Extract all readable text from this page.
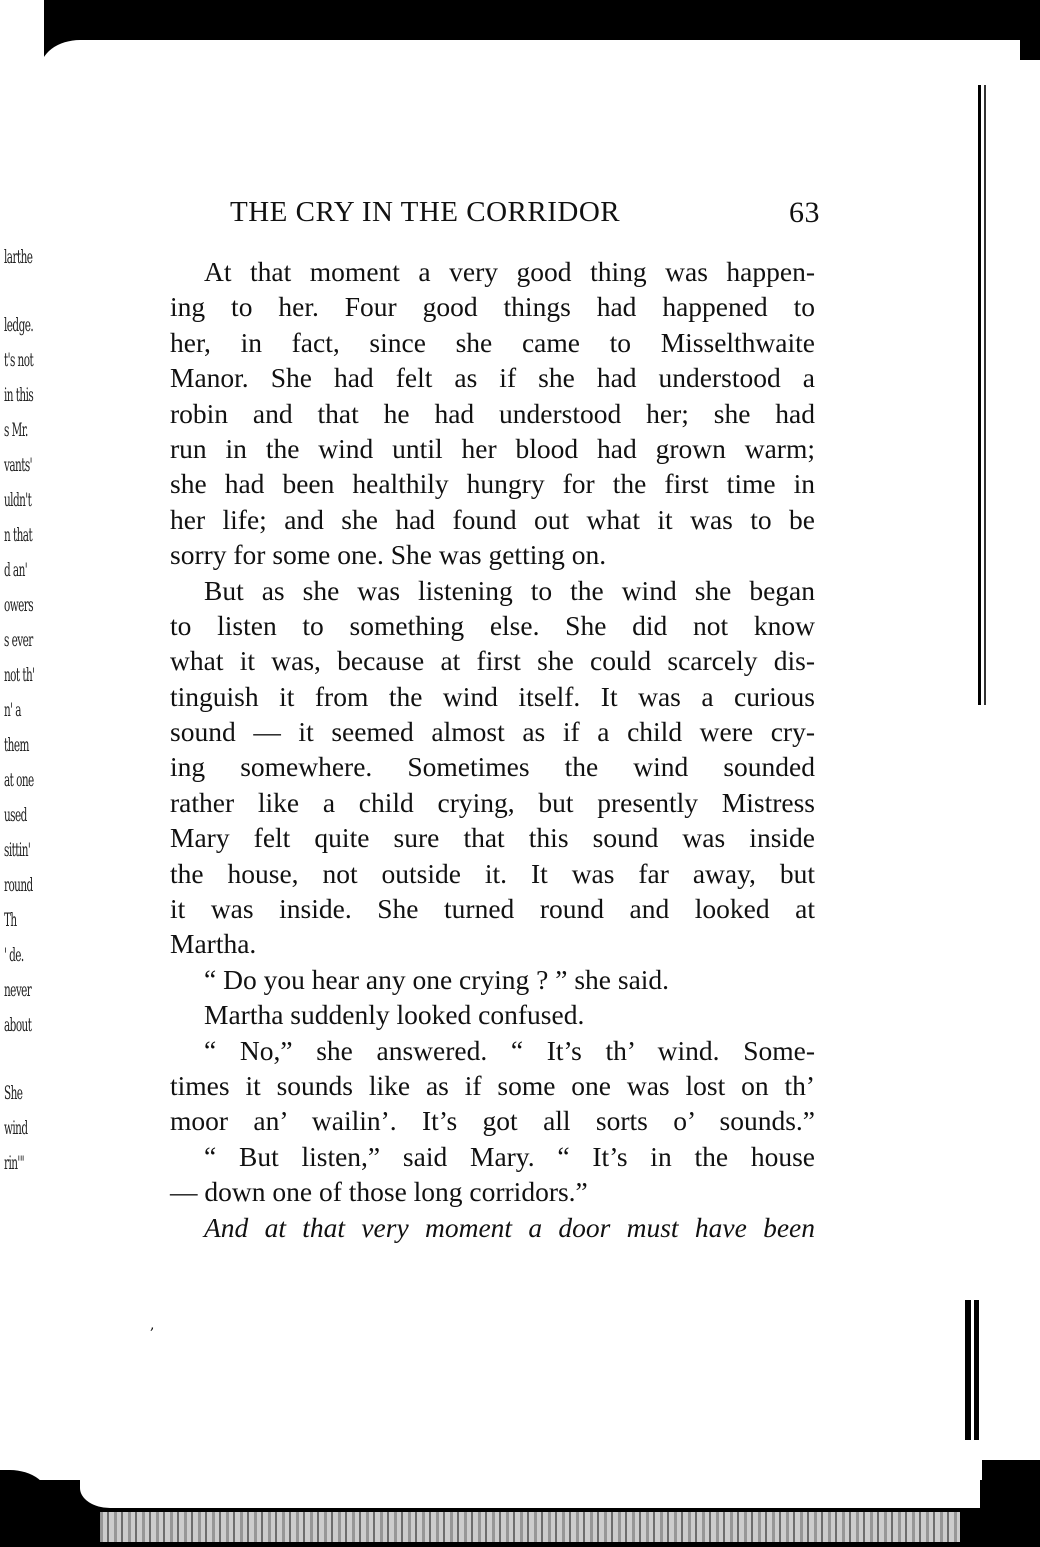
larthe
ledge.
t's not
in this
s Mr.
vants'
uldn't
n that
d an'
owers
s ever
not th'
n' a
them
at one
used
sittin'
round
Th
' de.
never
about
She
wind
rin'"
THE CRY IN THE CORRIDOR	63
At that moment a very good thing was happen-
ing to her. Four good things had happened to
her, in fact, since she came to Misselthwaite
Manor. She had felt as if she had understood a
robin and that he had understood her; she had
run in the wind until her blood had grown warm;
she had been healthily hungry for the first time in
her life; and she had found out what it was to be
sorry for some one. She was getting on.
But as she was listening to the wind she began
to listen to something else. She did not know
what it was, because at first she could scarcely dis-
tinguish it from the wind itself. It was a curious
sound — it seemed almost as if a child were cry-
ing somewhere. Sometimes the wind sounded
rather like a child crying, but presently Mistress
Mary felt quite sure that this sound was inside
the house, not outside it. It was far away, but
it was inside. She turned round and looked at
Martha.
“ Do you hear any one crying ? ” she said.
Martha suddenly looked confused.
“ No,” she answered. “ It’s th’ wind. Some-
times it sounds like as if some one was lost on th’
moor an’ wailin’. It’s got all sorts o’ sounds.”
“ But listen,” said Mary. “ It’s in the house
— down one of those long corridors.”
And at that very moment a door must have been
,
